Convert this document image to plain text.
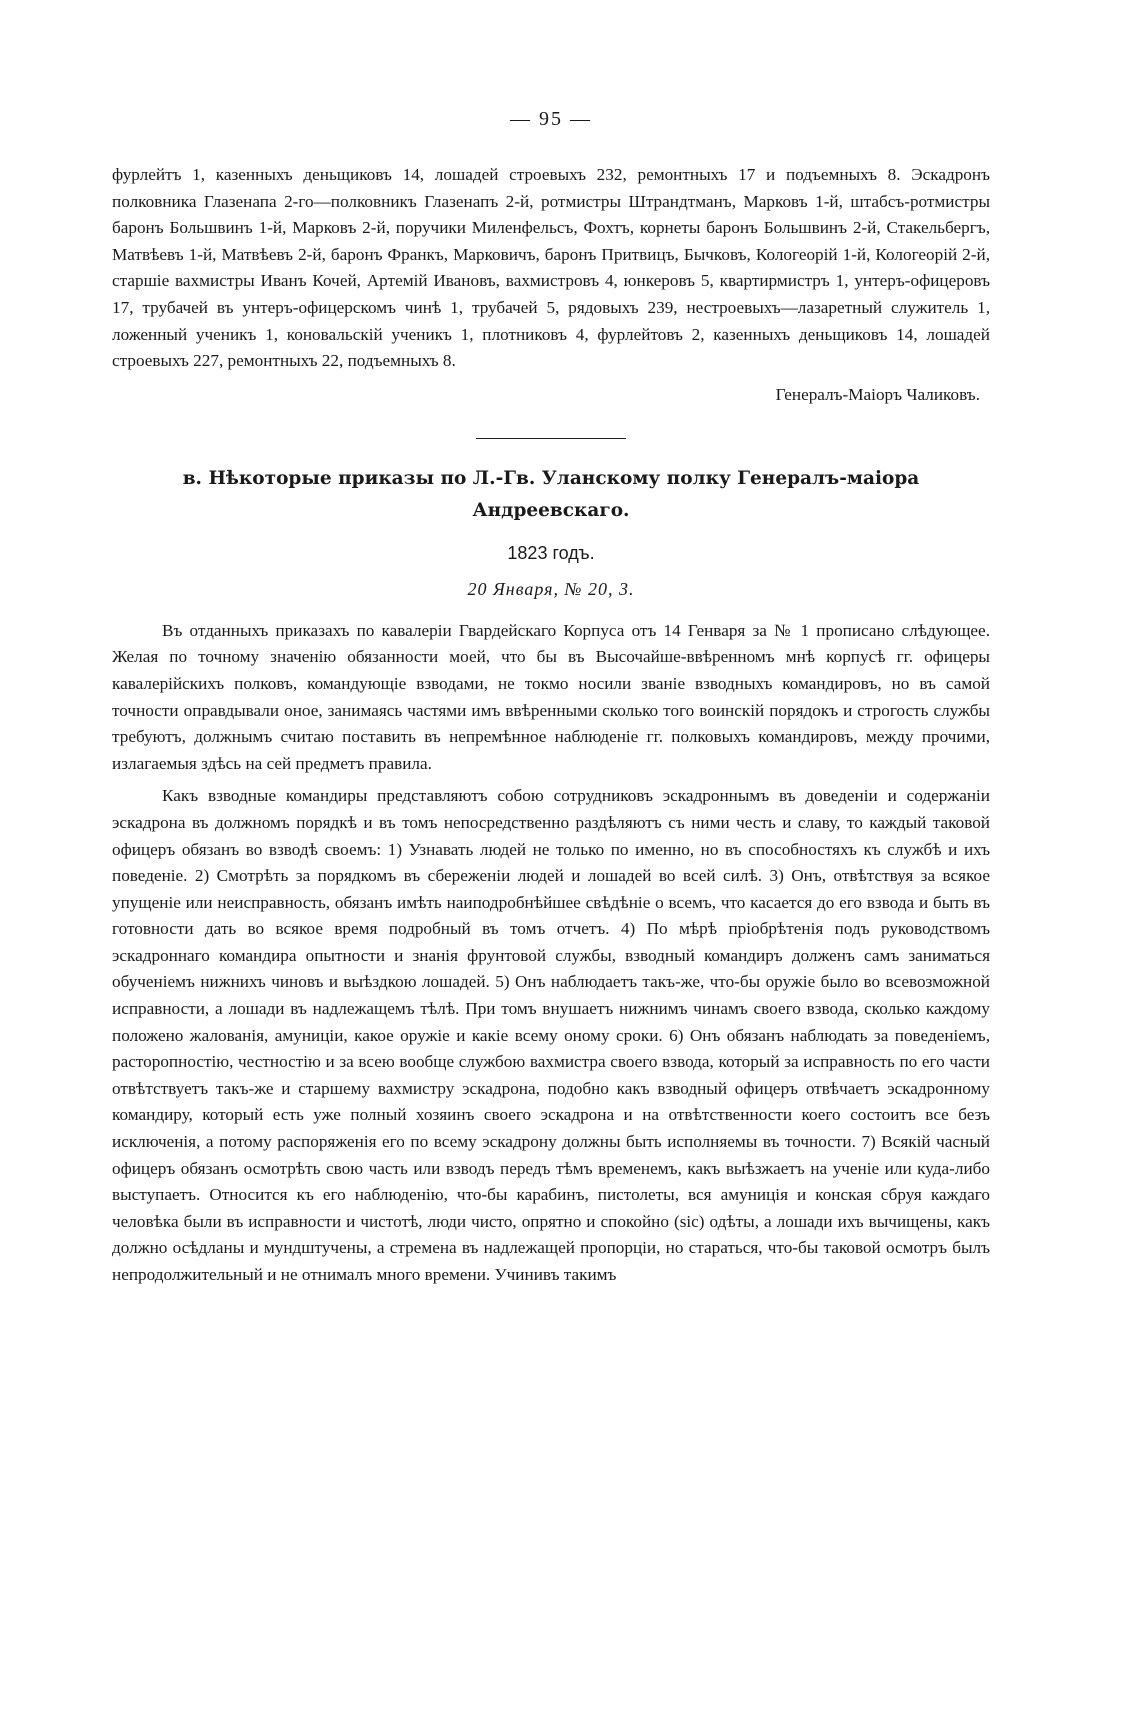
— 95 —

фурлейтъ 1, казенныхъ деньщиковъ 14, лошадей строевыхъ 232, ремонтныхъ 17 и подъемныхъ 8. Эскадронъ полковника Глазенапа 2-го—полковникъ Глазенапъ 2-й, ротмистры Штрандтманъ, Марковъ 1-й, штабсъ-ротмистры баронъ Большвинъ 1-й, Марковъ 2-й, поручики Миленфельсъ, Фохтъ, корнеты баронъ Большвинъ 2-й, Стакельбергъ, Матвѣевъ 1-й, Матвѣевъ 2-й, баронъ Франкъ, Марковичъ, баронъ Притвицъ, Бычковъ, Кологеорій 1-й, Кологеорій 2-й, старшіе вахмистры Иванъ Кочей, Артемій Ивановъ, вахмистровъ 4, юнкеровъ 5, квартирмистръ 1, унтеръ-офицеровъ 17, трубачей въ унтеръ-офицерскомъ чинѣ 1, трубачей 5, рядовыхъ 239, нестроевыхъ—лазаретный служитель 1, ложенный ученикъ 1, коновальскій ученикъ 1, плотниковъ 4, фурлейтовъ 2, казенныхъ деньщиковъ 14, лошадей строевыхъ 227, ремонтныхъ 22, подъемныхъ 8.

Генералъ-Маіоръ Чаликовъ.
в. Нѣкоторые приказы по Л.-Гв. Уланскому полку Генералъ-маіора Андреевскаго.
1823 годъ.
20 Января, № 20, 3.

Въ отданныхъ приказахъ по кавалеріи Гвардейскаго Корпуса отъ 14 Генваря за № 1 прописано слѣдующее. Желая по точному значенію обязанности моей, что бы въ Высочайше-ввѣренномъ мнѣ корпусѣ гг. офицеры кавалерійскихъ полковъ, командующіе взводами, не токмо носили званіе взводныхъ командировъ, но въ самой точности оправдывали оное, занимаясь частями имъ ввѣренными сколько того воинскій порядокъ и строгость службы требуютъ, должнымъ считаю поставить въ непремѣнное наблюденіе гг. полковыхъ командировъ, между прочими, излагаемыя здѣсь на сей предметъ правила.

Какъ взводные командиры представляютъ собою сотрудниковъ эскадроннымъ въ доведеніи и содержаніи эскадрона въ должномъ порядкѣ и въ томъ непосредственно раздѣляютъ съ ними честь и славу, то каждый таковой офицеръ обязанъ во взводѣ своемъ: 1) Узнавать людей не только по именно, но въ способностяхъ къ службѣ и ихъ поведеніе. 2) Смотрѣть за порядкомъ въ сбереженіи людей и лошадей во всей силѣ. 3) Онъ, отвѣтствуя за всякое упущеніе или неисправность, обязанъ имѣть наиподробнѣйшее свѣдѣніе о всемъ, что касается до его взвода и быть въ готовности дать во всякое время подробный въ томъ отчетъ. 4) По мѣрѣ пріобрѣтенія подъ руководствомъ эскадроннаго командира опытности и знанія фрунтовой службы, взводный командиръ долженъ самъ заниматься обученіемъ нижнихъ чиновъ и выѣздкою лошадей. 5) Онъ наблюдаетъ такъ-же, что-бы оружіе было во всевозможной исправности, а лошади въ надлежащемъ тѣлѣ. При томъ внушаетъ нижнимъ чинамъ своего взвода, сколько каждому положено жалованія, амуниціи, какое оружіе и какіе всему оному сроки. 6) Онъ обязанъ наблюдать за поведеніемъ, расторопностію, честностію и за всею вообще службою вахмистра своего взвода, который за исправность по его части отвѣтствуетъ такъ-же и старшему вахмистру эскадрона, подобно какъ взводный офицеръ отвѣчаетъ эскадронному командиру, который есть уже полный хозяинъ своего эскадрона и на отвѣтственности коего состоитъ все безъ исключенія, а потому распоряженія его по всему эскадрону должны быть исполняемы въ точности. 7) Всякій часный офицеръ обязанъ осмотрѣть свою часть или взводъ передъ тѣмъ временемъ, какъ выѣзжаетъ на ученіе или куда-либо выступаетъ. Относится къ его наблюденію, что-бы карабинъ, пистолеты, вся амуниція и конская сбруя каждаго человѣка были въ исправности и чистотѣ, люди чисто, опрятно и спокойно (sic) одѣты, а лошади ихъ вычищены, какъ должно осѣдланы и мундштучены, а стремена въ надлежащей пропорціи, но стараться, что-бы таковой осмотръ былъ непродолжительный и не отнималъ много времени. Учинивъ такимъ
